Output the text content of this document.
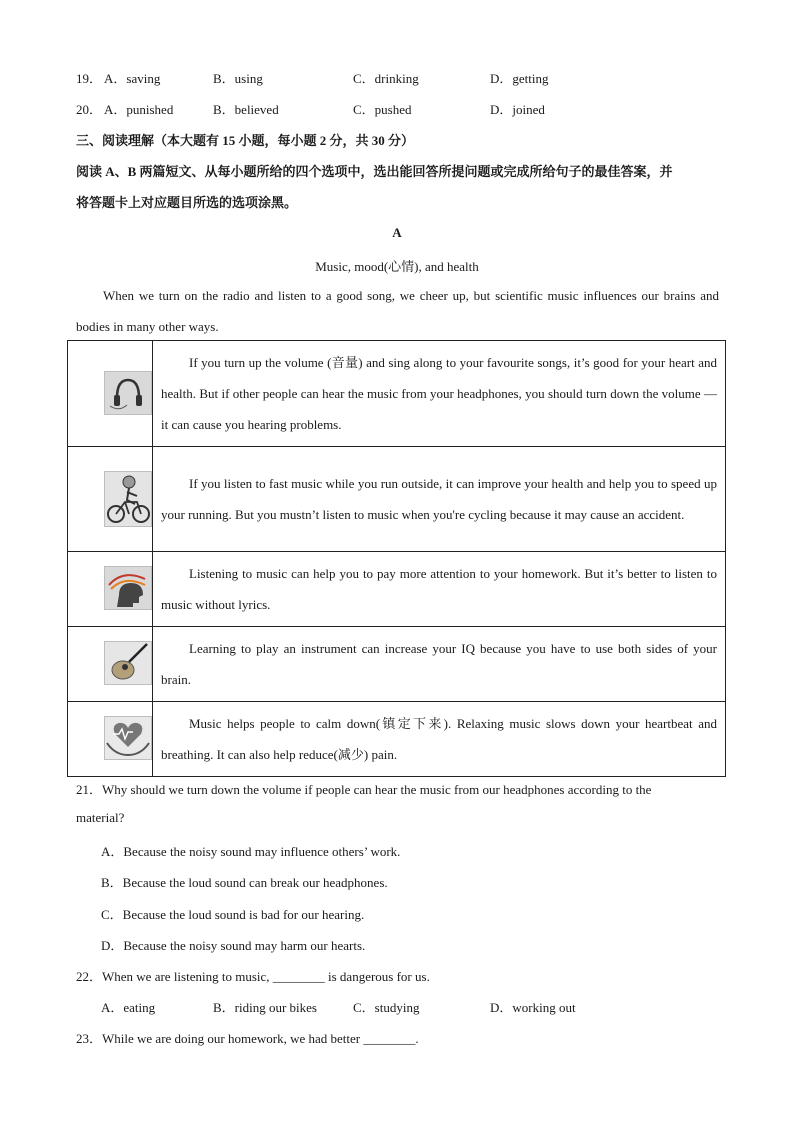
19． A．saving	B．using	C．drinking	D．getting
20． A．punished	B．believed	C．pushed	D．joined
三、阅读理解（本大题有 15 小题，每小题 2 分，共 30 分）
阅读 A、B 两篇短文、从每小题所给的四个选项中，选出能回答所提问题或完成所给句子的最佳答案，并
将答题卡上对应题目所选的选项涂黑。
A
Music, mood(心情), and health
When we turn on the radio and listen to a good song, we cheer up, but scientific music influences our brains and bodies in many other ways.
	If you turn up the volume (音量) and sing along to your favourite songs, it’s good for your heart and health. But if other people can hear the music from your headphones, you should turn down the volume — it can cause you hearing problems.

	If you listen to fast music while you run outside, it can improve your health and help you to speed up your running. But you mustn’t listen to music when you're cycling because it may cause an accident.

	Listening to music can help you to pay more attention to your homework. But it’s better to listen to music without lyrics.

	Learning to play an instrument can increase your IQ because you have to use both sides of your brain.

	Music helps people to calm down(镇定下来). Relaxing music slows down your heartbeat and breathing. It can also help reduce(减少) pain.
21．Why should we turn down the volume if people can hear the music from our headphones according to the
material?
A．Because the noisy sound may influence others’ work.
B．Because the loud sound can break our headphones.
C．Because the loud sound is bad for our hearing.
D．Because the noisy sound may harm our hearts.
22．When we are listening to music, ________ is dangerous for us.
A．eating	B．riding our bikes	C．studying	D．working out
23．While we are doing our homework, we had better ________.
